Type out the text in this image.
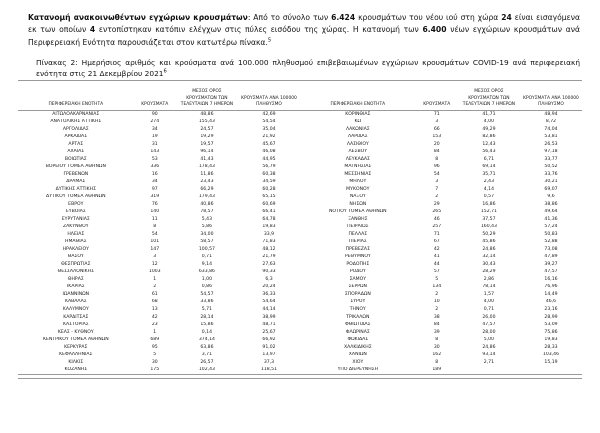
Κατανομή ανακοινωθέντων εγχώριων κρουσμάτων: Από το σύνολο των 6.424 κρουσμάτων του νέου ιού στη χώρα 24 είναι εισαγόμενα εκ των οποίων 4 εντοπίστηκαν κατόπιν ελέγχων στις πύλες εισόδου της χώρας. Η κατανομή των 6.400 νέων εγχώριων κρουσμάτων ανά Περιφερειακή Ενότητα παρουσιάζεται στον κατωτέρω πίνακα.$^5$

Πίνακας 2: Ημερήσιος αριθμός και κρούσματα ανά 100.000 πληθυσμού επιβεβαιωμένων εγχώριων κρουσμάτων COVID-19 ανά περιφερειακή ενότητα στις 21 Δεκεμβρίου 2021$^6$

		ΜΕΣΟΣ ΟΡΟΣ	
ΠΕΡΙΦΕΡΕΙΑΚΗ ΕΝΟΤΗΤΑ	ΚΡΟΥΣΜΑΤΑ	ΚΡΟΥΣΜΑΤΩΝ ΤΩΝ
ΤΕΛΕΥΤΑΙΩΝ 7 ΗΜΕΡΩΝ	ΚΡΟΥΣΜΑΤΑ ΑΝΑ 100000
ΠΛΗΘΥΣΜΟ
ΑΙΤΩΛΟΑΚΑΡΝΑΝΙΑΣ	90	48,86	42,69
ΑΝΑΤΟΛΙΚΗΣ ΑΤΤΙΚΗΣ	274	155,43	54,54
ΑΡΓΟΛΙΔΑΣ	34	24,57	35,04
ΑΡΚΑΔΙΑΣ	19	19,29	21,92
ΑΡΤΑΣ	31	19,57	45,67
ΑΧΑΪΑΣ	143	96,14	46,08
ΒΟΙΩΤΙΑΣ	53	41,43	44,95
ΒΟΡΕΙΟΥ ΤΟΜΕΑ ΑΘΗΝΩΝ	336	178,43	56,79
ΓΡΕΒΕΝΩΝ	16	11,86	60,38
ΔΡΑΜΑΣ	34	23,43	34,59
ΔΥΤΙΚΗΣ ΑΤΤΙΚΗΣ	97	66,29	60,28
ΔΥΤΙΚΟΥ ΤΟΜΕΑ ΑΘΗΝΩΝ	319	179,43	65,15
ΕΒΡΟΥ	76	40,86	60,69
ΕΥΒΟΙΑΣ	140	78,57	66,41
ΕΥΡΥΤΑΝΙΑΣ	11	5,43	64,78
ΖΑΚΥΝΘΟΥ	8	5,86	19,83
ΗΛΕΙΑΣ	54	34,00	33,9
ΗΜΑΘΙΑΣ	101	58,57	71,83
ΗΡΑΚΛΕΙΟΥ	147	100,57	48,12
ΘΑΣΟΥ	3	0,71	21,79
ΘΕΣΠΡΩΤΙΑΣ	12	9,14	27,63
ΘΕΣΣΑΛΟΝΙΚΗΣ	1003	633,86	90,33
ΘΗΡΑΣ	1	1,00	6,3
ΙΚΑΡΙΑΣ	2	0,86	20,24
ΙΩΑΝΝΙΝΩΝ	61	54,57	36,33
ΚΑΒΑΛΑΣ	68	33,86	54,64
ΚΑΛΥΜΝΟΥ	13	5,71	44,14
ΚΑΡΔΙΤΣΑΣ	42	28,14	38,99
ΚΑΣΤΟΡΙΑΣ	23	15,86	48,71
ΚΕΑΣ - ΚΥΘΝΟΥ	1	0,14	25,67
ΚΕΝΤΡΙΚΟΥ ΤΟΜΕΑ ΑΘΗΝΩΝ	689	374,14	66,92
ΚΕΡΚΥΡΑΣ	95	63,86	91,02
ΚΕΦΑΛΛΗΝΙΑΣ	5	3,71	13,97
ΚΙΛΚΙΣ	30	26,57	37,3
ΚΟΖΑΝΗΣ	175	102,43	118,51
		ΜΕΣΟΣ ΟΡΟΣ	
ΠΕΡΙΦΕΡΕΙΑΚΗ ΕΝΟΤΗΤΑ	ΚΡΟΥΣΜΑΤΑ	ΚΡΟΥΣΜΑΤΩΝ ΤΩΝ
ΤΕΛΕΥΤΑΙΩΝ 7 ΗΜΕΡΩΝ	ΚΡΟΥΣΜΑΤΑ ΑΝΑ 100000
ΠΛΗΘΥΣΜΟ
ΚΟΡΙΝΘΙΑΣ	71	41,71	48,94
ΚΩ	3	4,00	8,72
ΛΑΚΩΝΙΑΣ	66	49,29	74,04
ΛΑΡΙΔΑΣ	153	82,86	53,81
ΛΑΣΙΘΙΟΥ	20	12,43	26,53
ΛΕΣΒΟΥ	84	56,43	97,18
ΛΕΥΚΑΔΑΣ	8	6,71	33,77
ΜΑΓΝΗΣΙΑΣ	96	69,14	50,52
ΜΕΣΣΗΝΙΑΣ	54	35,71	33,76
ΜΗΛΟΥ	3	2,43	30,21
ΜΥΚΟΝΟΥ	7	4,14	69,07
ΝΑΞΟΥ	2	0,57	9,6
ΝΗΣΩΝ	29	16,86	38,86
ΝΟΤΙΟΥ ΤΟΜΕΑ ΑΘΗΝΩΝ	265	152,71	49,64
ΞΑΝΘΗΣ	46	37,57	41,36
ΠΕΙΡΑΙΩΣ	257	160,43	57,24
ΠΕΛΛΑΣ	71	50,29	50,83
ΠΙΕΡΙΑΣ	67	45,86	52,88
ΠΡΕΒΕΖΑΣ	42	24,86	73,08
ΡΕΘΥΜΝΟΥ	41	32,14	47,89
ΡΟΔΟΠΗΣ	44	30,43	39,27
ΡΟΔΟΥ	57	28,29	47,57
ΣΑΜΟΥ	5	2,86	16,16
ΣΕΡΡΩΝ	134	78,14	76,96
ΣΠΟΡΑΔΩΝ	2	1,57	14,49
ΣΥΡΟΥ	10	4,00	46,6
ΤΗΝΟΥ	2	0,71	23,16
ΤΡΙΚΑΛΩΝ	38	26,00	28,99
ΦΘΙΩΤΙΔΑΣ	84	47,57	53,09
ΦΛΩΡΙΝΑΣ	39	28,00	75,86
ΦΩΚΙΔΑΣ	8	5,00	19,83
ΧΑΛΚΙΔΙΚΗΣ	30	24,86	28,33
ΧΑΝΙΩΝ	162	93,14	103,46
ΧΙΟΥ	8	2,71	15,19
ΥΠΟ ΔΙΕΡΕΥΝΗΣΗ	189		
